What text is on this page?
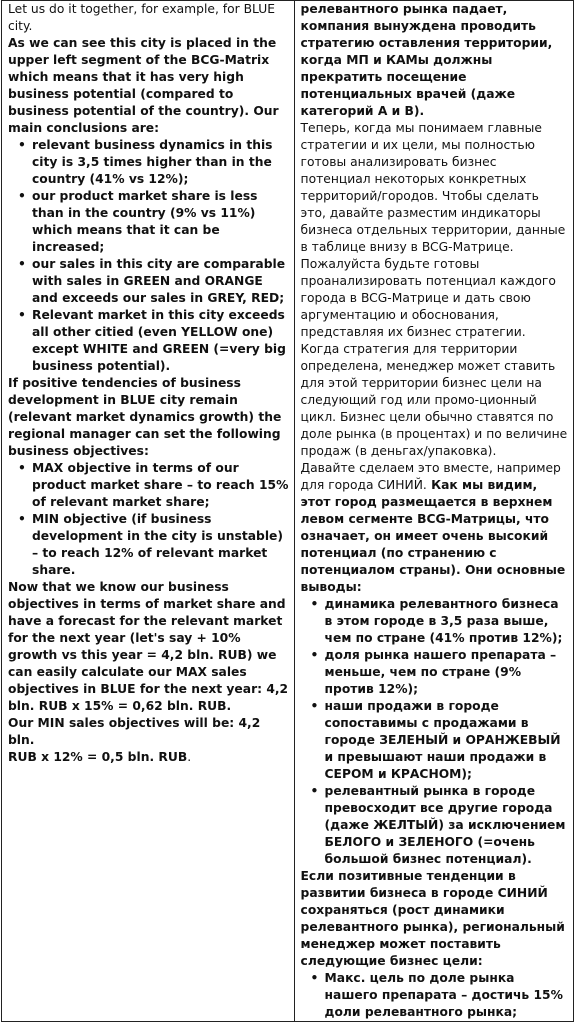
Let us do it together, for example, for BLUE city.

As we can see this city is placed in the upper left segment of the BCG-Matrix which means that it has very high business potential (compared to business potential of the country). Our main conclusions are:

• relevant business dynamics in this city is 3,5 times higher than in the country (41% vs 12%);
• our product market share is less than in the country (9% vs 11%) which means that it can be increased;
• our sales in this city are comparable with sales in GREEN and ORANGE and exceeds our sales in GREY, RED;
• Relevant market in this city exceeds all other citied (even YELLOW one) except WHITE and GREEN (=very big business potential).

If positive tendencies of business development in BLUE city remain (relevant market dynamics growth) the regional manager can set the following business objectives:

• MAX objective in terms of our product market share – to reach 15% of relevant market share;
• MIN objective (if business development in the city is unstable) – to reach 12% of relevant market share.

Now that we know our business objectives in terms of market share and have a forecast for the relevant market for the next year (let's say + 10% growth vs this year = 4,2 bln. RUB) we can easily calculate our MAX sales objectives in BLUE for the next year: 4,2 bln. RUB x 15% = 0,62 bln. RUB.

Our MIN sales objectives will be: 4,2 bln.

RUB x 12% = 0,5 bln. RUB.

релевантного рынка падает, компания вынуждена проводить стратегию оставления территории, когда МП и КАМы должны прекратить посещение потенциальных врачей (даже категорий А и В).

Теперь, когда мы понимаем главные стратегии и их цели, мы полностью готовы анализировать бизнес потенциал некоторых конкретных территорий/городов. Чтобы сделать это, давайте разместим индикаторы бизнеса отдельных территории, данные в таблице внизу в BCG-Матрице.

Пожалуйста будьте готовы проанализировать потенциал каждого города в BCG-Матрице и дать свою аргументацию и обоснования, представляя их бизнес стратегии.

Когда стратегия для территории определена, менеджер может ставить для этой территории бизнес цели на следующий год или промо-ционный цикл. Бизнес цели обычно ставятся по доле рынка (в процентах) и по величине продаж (в деньгах/упаковка).

Давайте сделаем это вместе, например для города СИНИЙ. Как мы видим, этот город размещается в верхнем левом сегменте BCG-Матрицы, что означает, он имеет очень высокий потенциал (по странению с потенциалом страны). Они основные выводы:

• динамика релевантного бизнеса в этом городе в 3,5 раза выше, чем по стране (41% против 12%);
• доля рынка нашего препарата – меньше, чем по стране (9% против 12%);
• наши продажи в городе сопоставимы с продажами в городе ЗЕЛЕНЫЙ и ОРАНЖЕВЫЙ и превышают наши продажи в СЕРОМ и КРАСНОМ);
• релевантный рынка в городе превосходит все другие города (даже ЖЕЛТЫЙ) за исключением БЕЛОГО и ЗЕЛЕНОГО (=очень большой бизнес потенциал).

Если позитивные тенденции в развитии бизнеса в городе СИНИЙ сохраняться (рост динамики релевантного рынка), региональный менеджер может поставить следующие бизнес цели:

• Макс. цель по доле рынка нашего препарата – достичь 15% доли релевантного рынка;
